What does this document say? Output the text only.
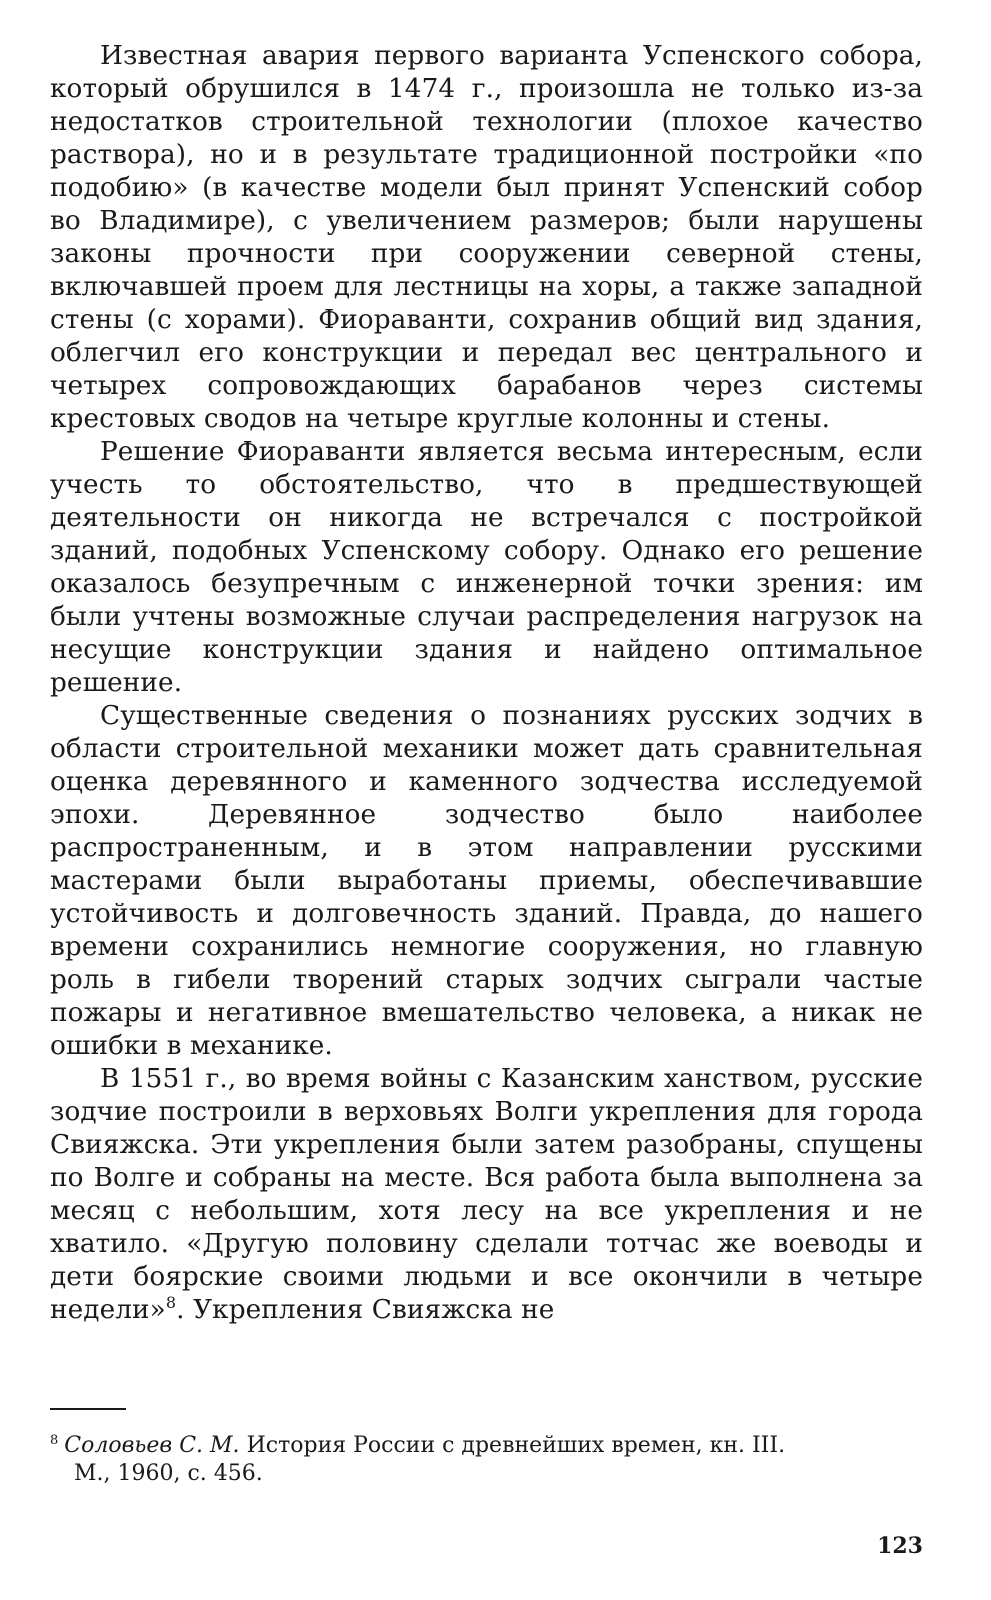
Известная авария первого варианта Успенского собора, который обрушился в 1474 г., произошла не только из-за недостатков строительной технологии (плохое качество раствора), но и в результате традиционной постройки «по подобию» (в качестве модели был принят Успенский собор во Владимире), с увеличением размеров; были нарушены законы прочности при сооружении северной стены, включавшей проем для лестницы на хоры, а также западной стены (с хорами). Фиораванти, сохранив общий вид здания, облегчил его конструкции и передал вес центрального и четырех сопровождающих барабанов через системы крестовых сводов на четыре круглые колонны и стены.

Решение Фиораванти является весьма интересным, если учесть то обстоятельство, что в предшествующей деятельности он никогда не встречался с постройкой зданий, подобных Успенскому собору. Однако его решение оказалось безупречным с инженерной точки зрения: им были учтены возможные случаи распределения нагрузок на несущие конструкции здания и найдено оптимальное решение.

Существенные сведения о познаниях русских зодчих в области строительной механики может дать сравнительная оценка деревянного и каменного зодчества исследуемой эпохи. Деревянное зодчество было наиболее распространенным, и в этом направлении русскими мастерами были выработаны приемы, обеспечивавшие устойчивость и долговечность зданий. Правда, до нашего времени сохранились немногие сооружения, но главную роль в гибели творений старых зодчих сыграли частые пожары и негативное вмешательство человека, а никак не ошибки в механике.

В 1551 г., во время войны с Казанским ханством, русские зодчие построили в верховьях Волги укрепления для города Свияжска. Эти укрепления были затем разобраны, спущены по Волге и собраны на месте. Вся работа была выполнена за месяц с небольшим, хотя лесу на все укрепления и не хватило. «Другую половину сделали тотчас же воеводы и дети боярские своими людьми и все окончили в четыре недели»$^8$. Укрепления Свияжска не

$^8$ Соловьев С. М. История России с древнейших времен, кн. III.
М., 1960, с. 456.
123
